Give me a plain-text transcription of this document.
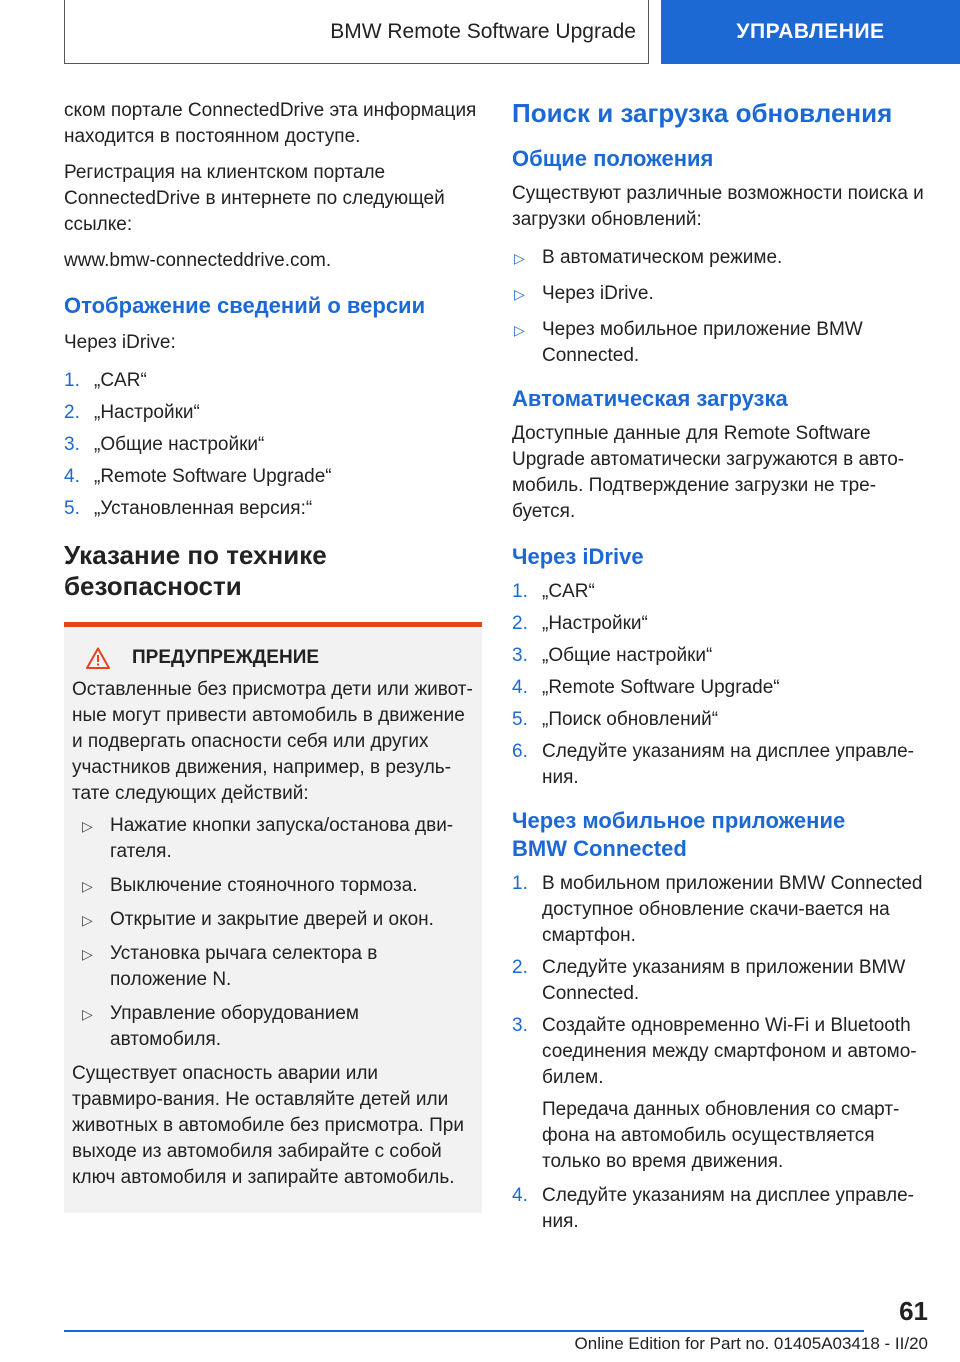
BMW Remote Software Upgrade	УПРАВЛЕНИЕ

ском портале ConnectedDrive эта информация находится в постоянном доступе.

Регистрация на клиентском портале ConnectedDrive в интернете по следующей ссылке:

www.bmw-connecteddrive.com.

Отображение сведений о версии

Через iDrive:

1. „CAR“
2. „Настройки“
3. „Общие настройки“
4. „Remote Software Upgrade“
5. „Установленная версия:“
Указание по технике безопасности
ПРЕДУПРЕЖДЕНИЕ

Оставленные без присмотра дети или живот-ные могут привести автомобиль в движение и подвергать опасности себя или других участников движения, например, в резуль-тате следующих действий:

▷ Нажатие кнопки запуска/останова дви-гателя.
▷ Выключение стояночного тормоза.
▷ Открытие и закрытие дверей и окон.
▷ Установка рычага селектора в положение N.
▷ Управление оборудованием автомобиля.

Существует опасность аварии или травмиро-вания. Не оставляйте детей или животных в автомобиле без присмотра. При выходе из автомобиля забирайте с собой ключ автомобиля и запирайте автомобиль.

Поиск и загрузка обновления
Общие положения

Существуют различные возможности поиска и загрузки обновлений:

▷ В автоматическом режиме.
▷ Через iDrive.
▷ Через мобильное приложение BMW Connected.
Автоматическая загрузка

Доступные данные для Remote Software Upgrade автоматически загружаются в авто-мобиль. Подтверждение загрузки не тре-буется.

Через iDrive
1. „CAR“
2. „Настройки“
3. „Общие настройки“
4. „Remote Software Upgrade“
5. „Поиск обновлений“
6. Следуйте указаниям на дисплее управле-ния.
Через мобильное приложение BMW Connected
1. В мобильном приложении BMW Connected доступное обновление скачи-вается на смартфон.
2. Следуйте указаниям в приложении BMW Connected.
3. Создайте одновременно Wi-Fi и Bluetooth соединения между смартфоном и автомо-билем.

Передача данных обновления со смарт-фона на автомобиль осуществляется только во время движения.

4. Следуйте указаниям на дисплее управле-ния.
61
Online Edition for Part no. 01405A03418 - II/20
